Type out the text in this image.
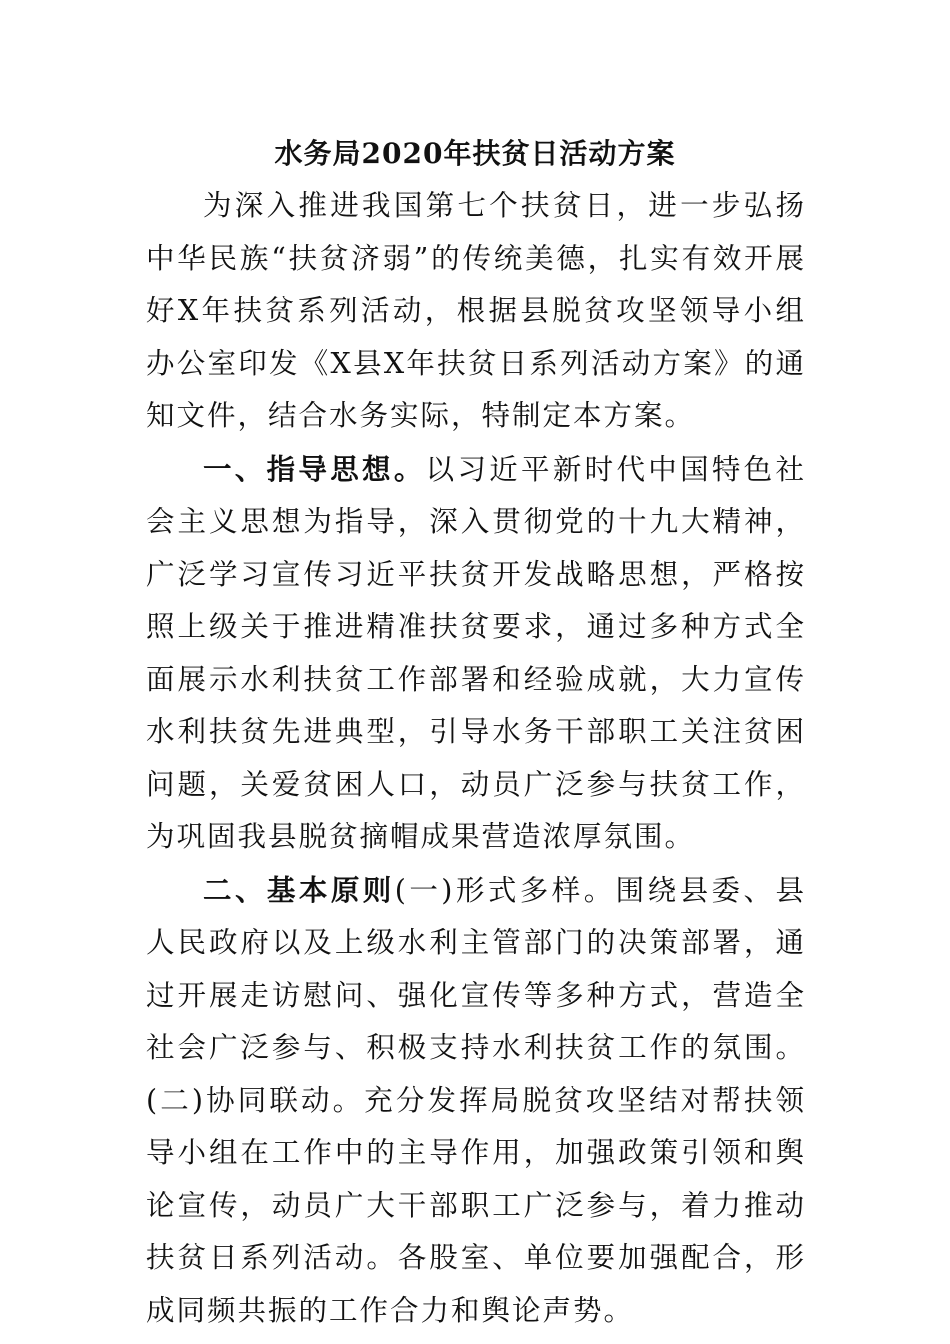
水务局2020年扶贫日活动方案

为深入推进我国第七个扶贫日，进一步弘扬中华民族“扶贫济弱”的传统美德，扎实有效开展好X年扶贫系列活动，根据县脱贫攻坚领导小组办公室印发《X县X年扶贫日系列活动方案》的通知文件，结合水务实际，特制定本方案。

一、指导思想。以习近平新时代中国特色社会主义思想为指导，深入贯彻党的十九大精神，广泛学习宣传习近平扶贫开发战略思想，严格按照上级关于推进精准扶贫要求，通过多种方式全面展示水利扶贫工作部署和经验成就，大力宣传水利扶贫先进典型，引导水务干部职工关注贫困问题，关爱贫困人口，动员广泛参与扶贫工作，为巩固我县脱贫摘帽成果营造浓厚氛围。

二、基本原则(一)形式多样。围绕县委、县人民政府以及上级水利主管部门的决策部署，通过开展走访慰问、强化宣传等多种方式，营造全社会广泛参与、积极支持水利扶贫工作的氛围。(二)协同联动。充分发挥局脱贫攻坚结对帮扶领导小组在工作中的主导作用，加强政策引领和舆论宣传，动员广大干部职工广泛参与，着力推动扶贫日系列活动。各股室、单位要加强配合，形成同频共振的工作合力和舆论声势。
